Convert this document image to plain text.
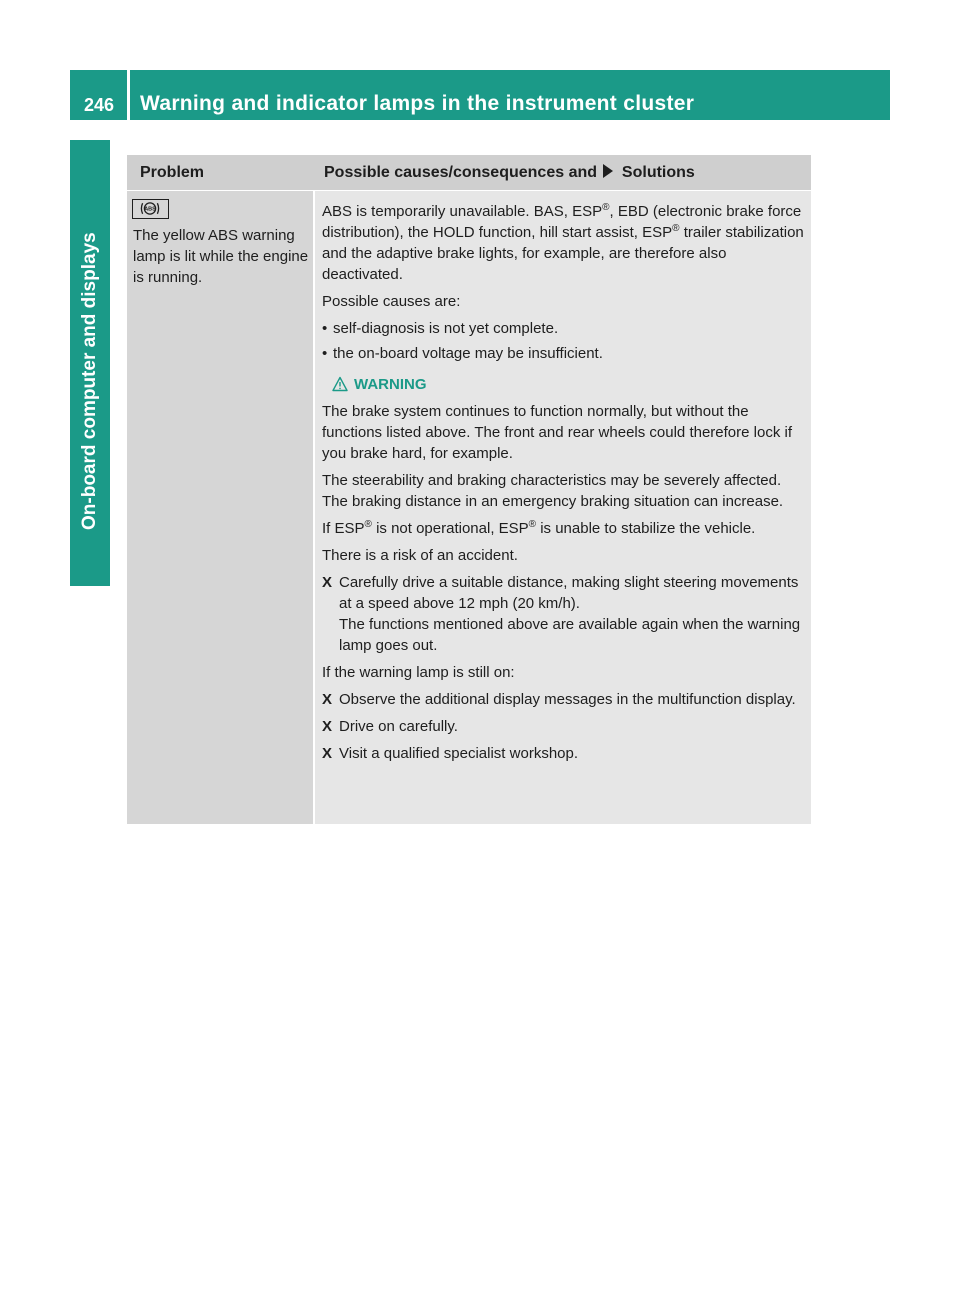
246 Warning and indicator lamps in the instrument cluster
On-board computer and displays
Problem	Possible causes/consequences and Solutions
ABS
The yellow ABS warning lamp is lit while the engine is running.

ABS is temporarily unavailable. BAS, ESP®, EBD (electronic brake force distribution), the HOLD function, hill start assist, ESP® trailer stabilization and the adaptive brake lights, for example, are therefore also deactivated.

Possible causes are:

• self-diagnosis is not yet complete.
• the on-board voltage may be insufficient.
WARNING

The brake system continues to function normally, but without the functions listed above. The front and rear wheels could therefore lock if you brake hard, for example.

The steerability and braking characteristics may be severely affected. The braking distance in an emergency braking situation can increase.

If ESP® is not operational, ESP® is unable to stabilize the vehicle.

There is a risk of an accident.

X Carefully drive a suitable distance, making slight steering movements at a speed above 12 mph (20 km/h).
The functions mentioned above are available again when the warning lamp goes out.

If the warning lamp is still on:

X Observe the additional display messages in the multifunction display.
X Drive on carefully.
X Visit a qualified specialist workshop.
